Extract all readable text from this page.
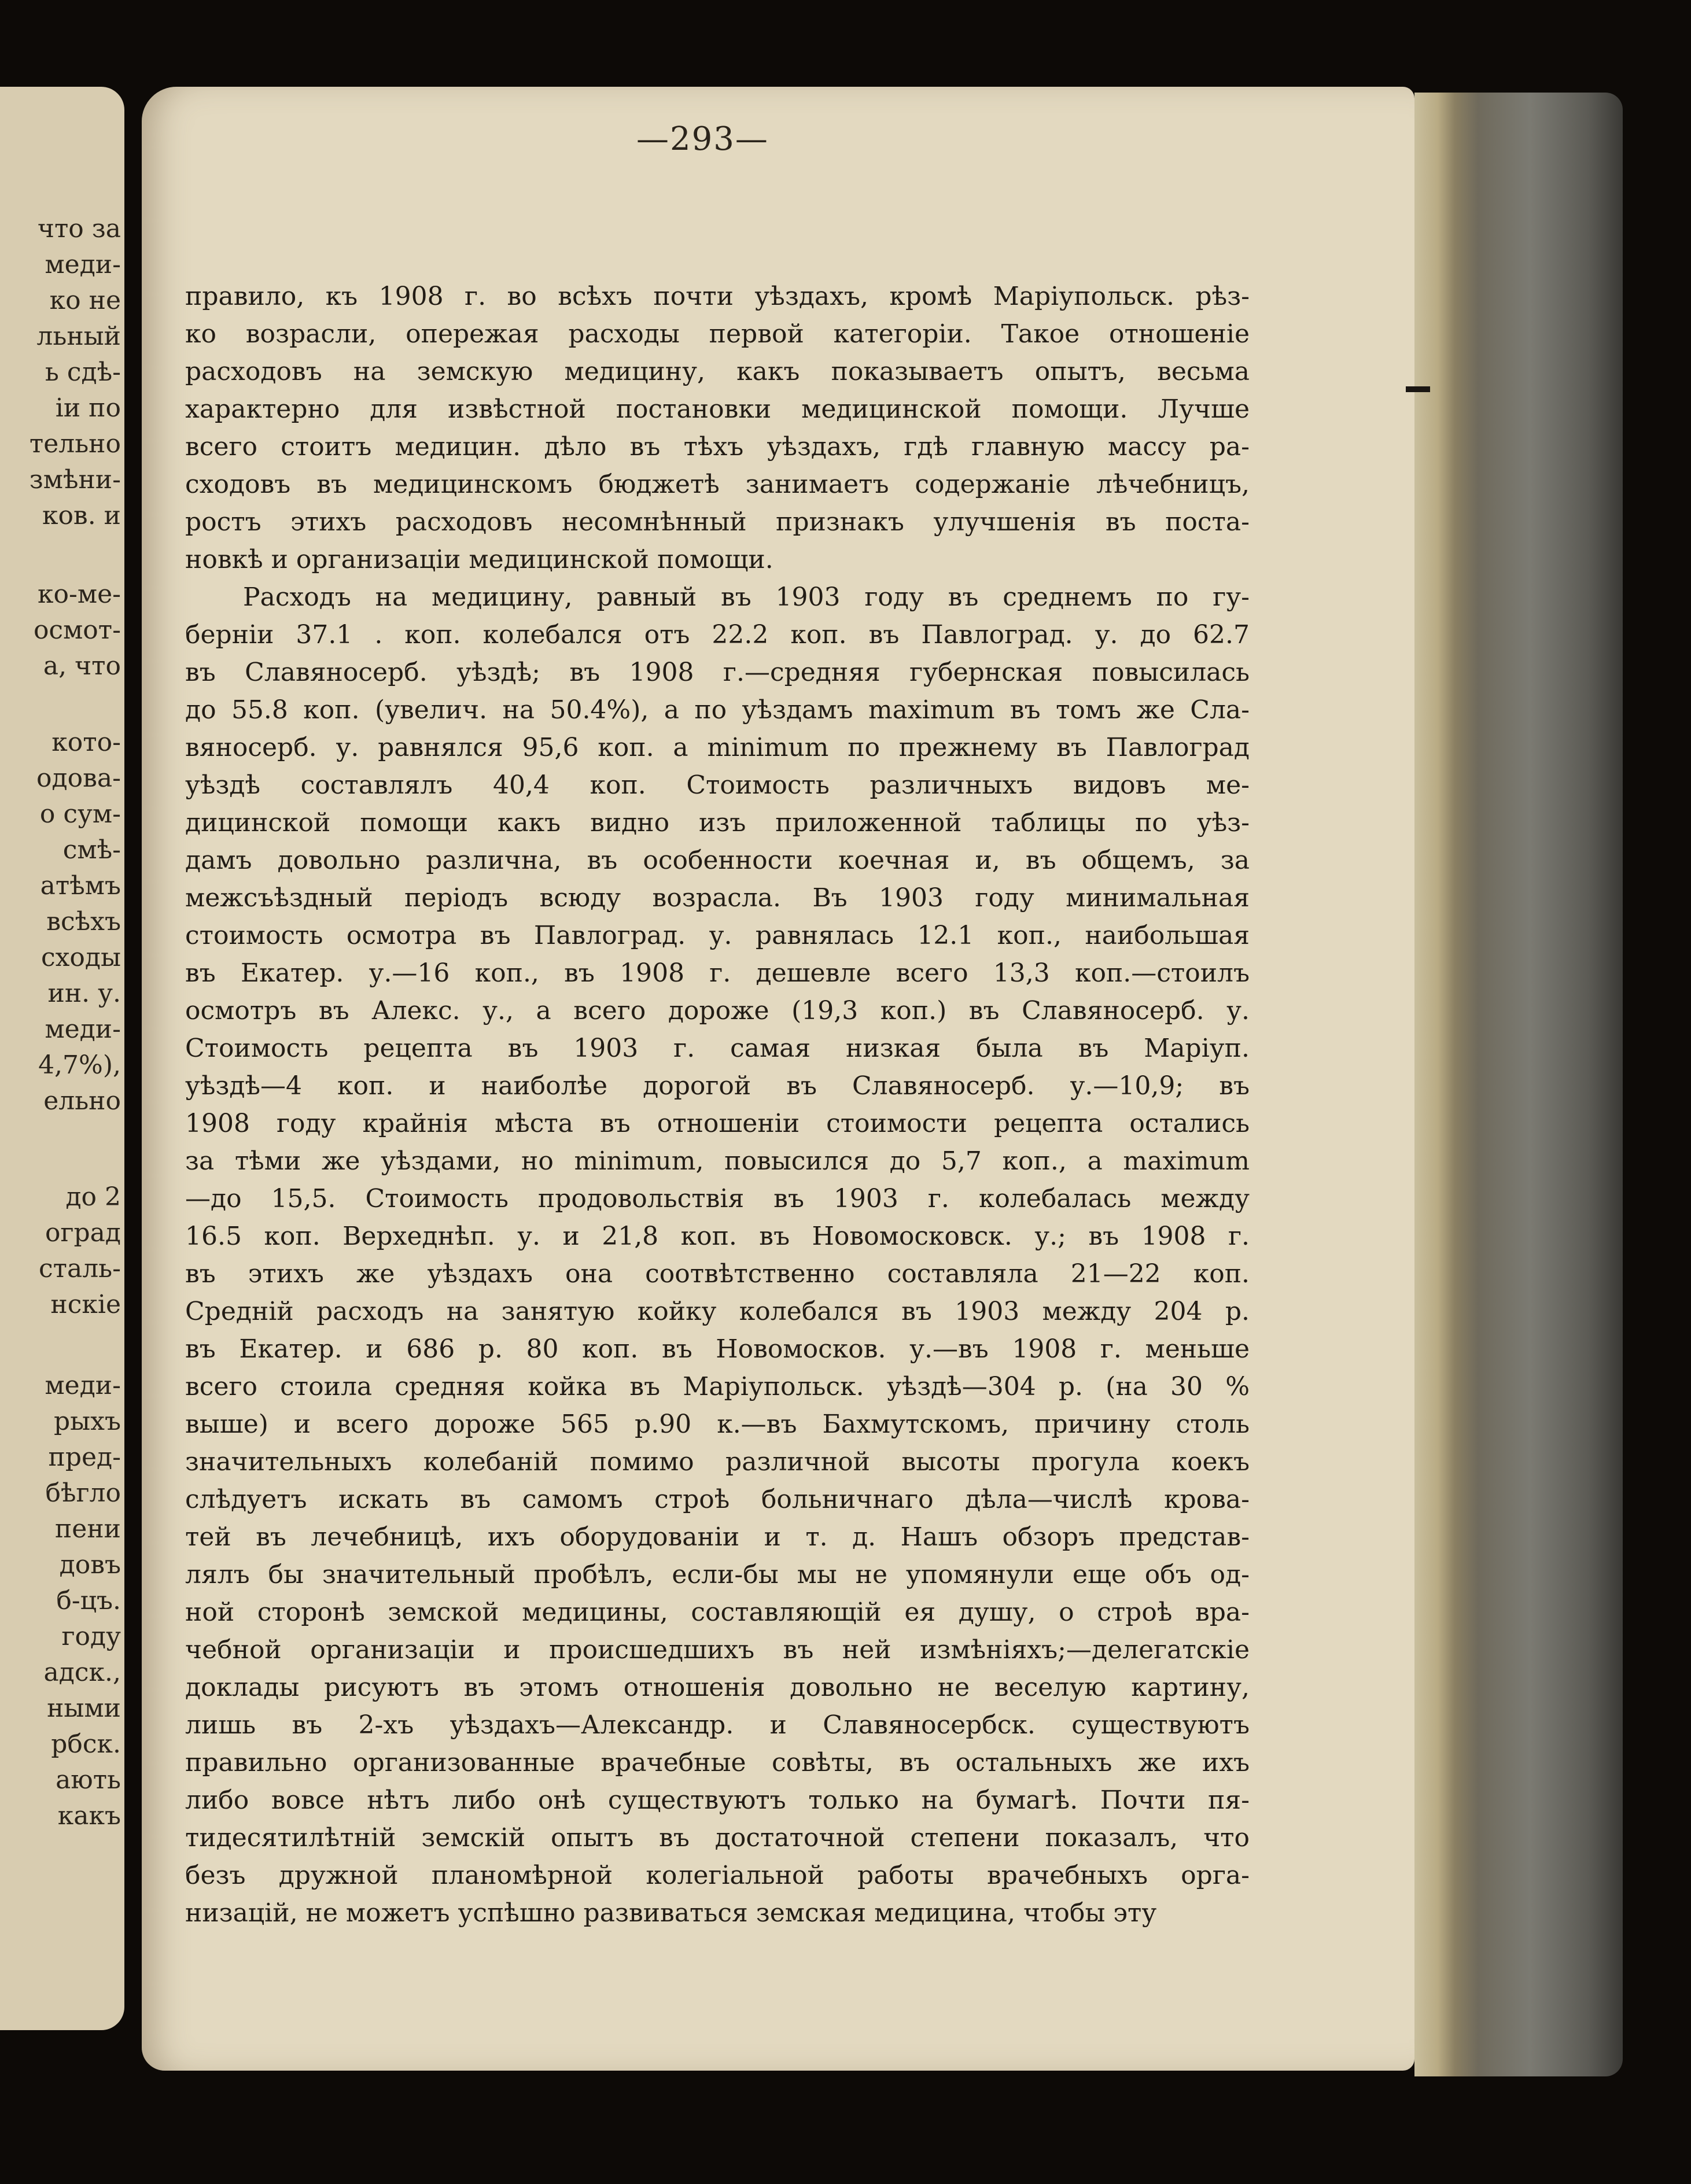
что за
меди-
ко не
льный
ь сдѣ-
іи по
тельно
змѣни-
ков. и
ко-ме-
осмот-
а, что
кото-
одова-
о сум-
смѣ-
атѣмъ
всѣхъ
сходы
ин. у.
меди-
4,7%),
ельно
до 2
оград
сталь-
нскіе
меди-
рыхъ
пред-
бѣгло
пени
довъ
б-цъ.
году
адск.,
ными
рбск.
ають
какъ
—293—
правило, къ 1908 г. во всѣхъ почти уѣздахъ, кромѣ Маріупольск. рѣз-
ко возрасли, опережая расходы первой категоріи. Такое отношеніе
расходовъ на земскую медицину, какъ показываетъ опытъ, весьма
характерно для извѣстной постановки медицинской помощи. Лучше
всего стоитъ медицин. дѣло въ тѣхъ уѣздахъ, гдѣ главную массу ра-
сходовъ въ медицинскомъ бюджетѣ занимаетъ содержаніе лѣчебницъ,
ростъ этихъ расходовъ несомнѣнный признакъ улучшенія въ поста-
новкѣ и организаціи медицинской помощи.
Расходъ на медицину, равный въ 1903 году въ среднемъ по гу-
берніи 37.1 . коп. колебался отъ 22.2 коп. въ Павлоград. у. до 62.7
въ Славяносерб. уѣздѣ; въ 1908 г.—средняя губернская повысилась
до 55.8 коп. (увелич. на 50.4%), а по уѣздамъ maximum въ томъ же Сла-
вяносерб. у. равнялся 95,6 коп. а minimum по прежнему въ Павлоград
уѣздѣ составлялъ 40,4 коп. Стоимость различныхъ видовъ ме-
дицинской помощи какъ видно изъ приложенной таблицы по уѣз-
дамъ довольно различна, въ особенности коечная и, въ общемъ, за
межсъѣздный періодъ всюду возрасла. Въ 1903 году минимальная
стоимость осмотра въ Павлоград. у. равнялась 12.1 коп., наибольшая
въ Екатер. у.—16 коп., въ 1908 г. дешевле всего 13,3 коп.—стоилъ
осмотръ въ Алекс. у., а всего дороже (19,3 коп.) въ Славяносерб. у.
Стоимость рецепта въ 1903 г. самая низкая была въ Маріуп.
уѣздѣ—4 коп. и наиболѣе дорогой въ Славяносерб. у.—10,9; въ
1908 году крайнія мѣста въ отношеніи стоимости рецепта остались
за тѣми же уѣздами, но minimum, повысился до 5,7 коп., а maximum
—до 15,5. Стоимость продовольствія въ 1903 г. колебалась между
16.5 коп. Верхеднѣп. у. и 21,8 коп. въ Новомосковск. у.; въ 1908 г.
въ этихъ же уѣздахъ она соотвѣтственно составляла 21—22 коп.
Средній расходъ на занятую койку колебался въ 1903 между 204 р.
въ Екатер. и 686 р. 80 коп. въ Новомосков. у.—въ 1908 г. меньше
всего стоила средняя койка въ Маріупольск. уѣздѣ—304 р. (на 30 %
выше) и всего дороже 565 р.90 к.—въ Бахмутскомъ, причину столь
значительныхъ колебаній помимо различной высоты прогула коекъ
слѣдуетъ искать въ самомъ строѣ больничнаго дѣла—числѣ крова-
тей въ лечебницѣ, ихъ оборудованіи и т. д. Нашъ обзоръ представ-
лялъ бы значительный пробѣлъ, если-бы мы не упомянули еще объ од-
ной сторонѣ земской медицины, составляющій ея душу, о строѣ вра-
чебной организаціи и происшедшихъ въ ней измѣніяхъ;—делегатскіе
доклады рисуютъ въ этомъ отношенія довольно не веселую картину,
лишь въ 2-хъ уѣздахъ—Александр. и Славяносербск. существуютъ
правильно организованные врачебные совѣты, въ остальныхъ же ихъ
либо вовсе нѣтъ либо онѣ существуютъ только на бумагѣ. Почти пя-
тидесятилѣтній земскій опытъ въ достаточной степени показалъ, что
безъ дружной планомѣрной колегіальной работы врачебныхъ орга-
низацій, не можетъ успѣшно развиваться земская медицина, чтобы эту
